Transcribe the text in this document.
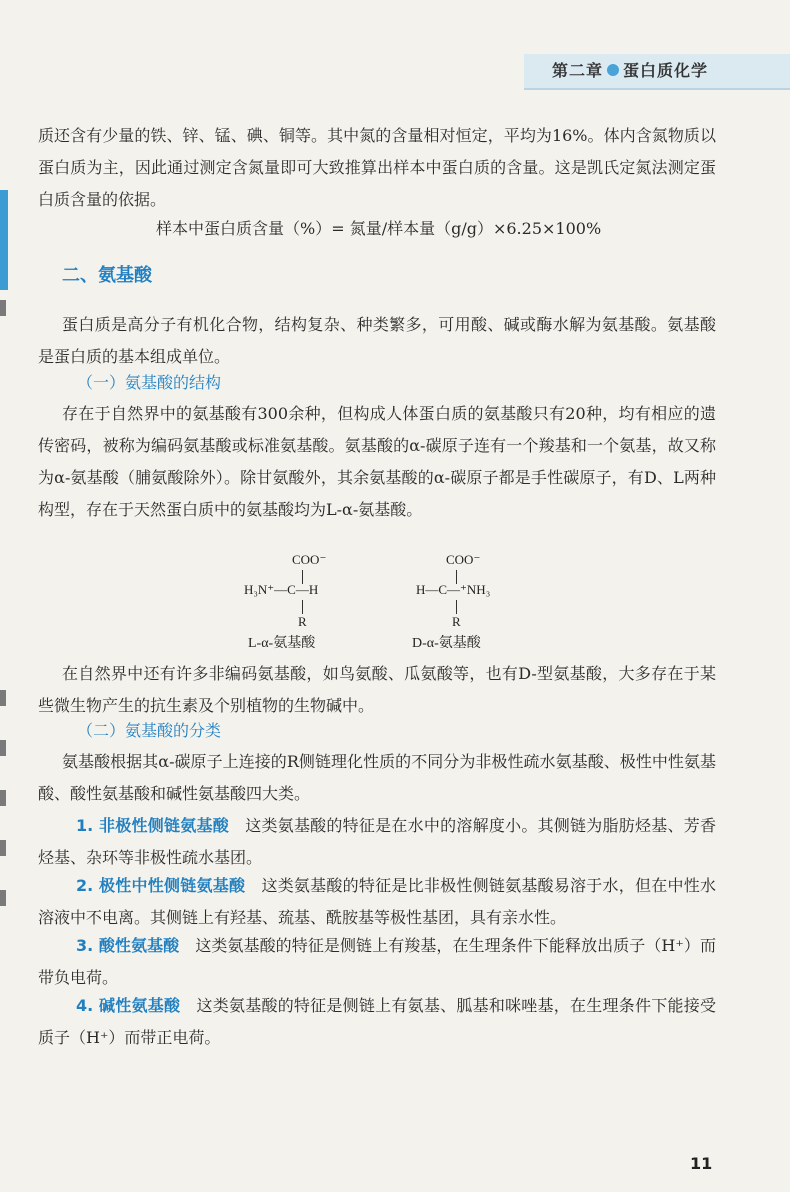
第二章 蛋白质化学

质还含有少量的铁、锌、锰、碘、铜等。其中氮的含量相对恒定，平均为16%。体内含氮物质以蛋白质为主，因此通过测定含氮量即可大致推算出样本中蛋白质的含量。这是凯氏定氮法测定蛋白质含量的依据。

样本中蛋白质含量（%）= 氮量/样本量（g/g）×6.25×100%
二、氨基酸

蛋白质是高分子有机化合物，结构复杂、种类繁多，可用酸、碱或酶水解为氨基酸。氨基酸是蛋白质的基本组成单位。

（一）氨基酸的结构

存在于自然界中的氨基酸有300余种，但构成人体蛋白质的氨基酸只有20种，均有相应的遗传密码，被称为编码氨基酸或标准氨基酸。氨基酸的α-碳原子连有一个羧基和一个氨基，故又称为α-氨基酸（脯氨酸除外）。除甘氨酸外，其余氨基酸的α-碳原子都是手性碳原子，有D、L两种构型，存在于天然蛋白质中的氨基酸均为L-α-氨基酸。

COO⁻
H₃N⁺—C—H
R
L-α-氨基酸
COO⁻
H—C—⁺NH₃
R
D-α-氨基酸

在自然界中还有许多非编码氨基酸，如鸟氨酸、瓜氨酸等，也有D-型氨基酸，大多存在于某些微生物产生的抗生素及个别植物的生物碱中。

（二）氨基酸的分类

氨基酸根据其α-碳原子上连接的R侧链理化性质的不同分为非极性疏水氨基酸、极性中性氨基酸、酸性氨基酸和碱性氨基酸四大类。

1. 非极性侧链氨基酸　 这类氨基酸的特征是在水中的溶解度小。其侧链为脂肪烃基、芳香烃基、杂环等非极性疏水基团。

2. 极性中性侧链氨基酸　 这类氨基酸的特征是比非极性侧链氨基酸易溶于水，但在中性水溶液中不电离。其侧链上有羟基、巯基、酰胺基等极性基团，具有亲水性。

3. 酸性氨基酸　 这类氨基酸的特征是侧链上有羧基，在生理条件下能释放出质子（H⁺）而带负电荷。

4. 碱性氨基酸　 这类氨基酸的特征是侧链上有氨基、胍基和咪唑基，在生理条件下能接受质子（H⁺）而带正电荷。

11
